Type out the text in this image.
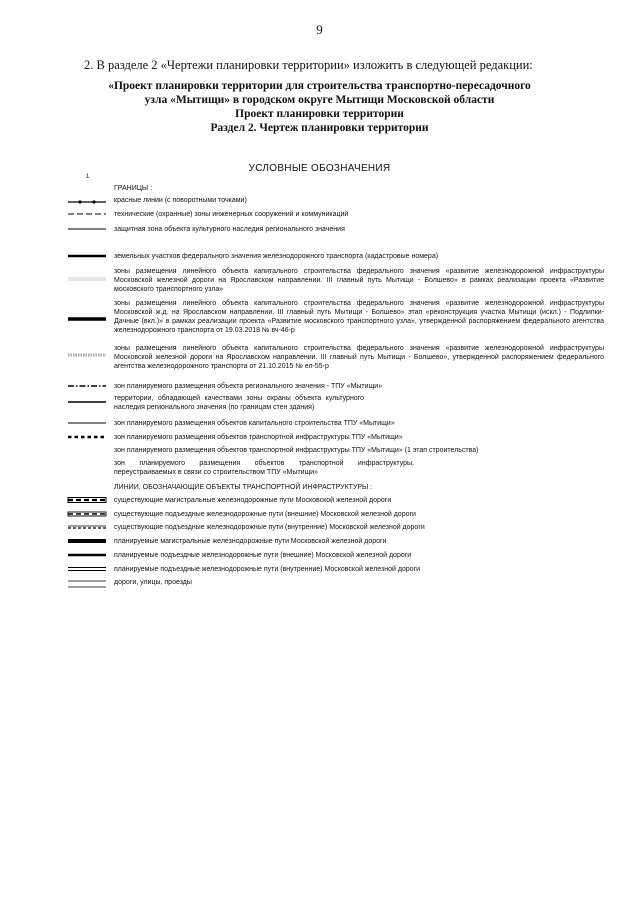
9
2. В разделе 2 «Чертежи планировки территории» изложить в следующей редакции:
«Проект планировки территории для строительства транспортно-пересадочного
узла «Мытищи» в городском округе Мытищи Московской области
Проект планировки территории
Раздел 2. Чертеж планировки территории
УСЛОВНЫЕ ОБОЗНАЧЕНИЯ
1
ГРАНИЦЫ :
красные линии (с поворотными точками)
технические (охранные) зоны инженерных сооружений и коммуникаций
защитная зона объекта культурного наследия регионального значения
земельных участков федерального значения железнодорожного транспорта (кадастровые номера)
зоны размещения линейного объекта капитального строительства федерального значения «развитие железнодорожной инфраструктуры Московской железной дороги на Ярославском направлении. III главный путь Мытищи - Болшево» в рамках реализации проекта «Развитие московского транспортного узла»
зоны размещения линейного объекта капитального строительства федерального значения «развитие железнодорожной инфраструктуры Московской ж.д. на Ярославском направлении. III главный путь Мытищи - Болшево» этап «реконструкция участка Мытищи (искл.) - Подлипки-Дачные (вкл.)» в рамках реализации проекта «Развитие московского транспортного узла», утвержденной распоряжением федерального агентства железнодорожного транспорта от 19.03.2018 № вч-46-р
зоны размещения линейного объекта капитального строительства федерального значения «развитие железнодорожной инфраструктуры Московской железной дороги на Ярославском направлении. III главный путь Мытищи - Болшево», утвержденной распоряжением федерального агентства железнодорожного транспорта от 21.10.2015 № ел-55-р
зон планируемого размещения объекта регионального значения - ТПУ «Мытищи»
территории, обладающей качествами зоны охраны объекта культурного наследия регионального значения (по границам стен здания)
зон планируемого размещения объектов капитального строительства ТПУ «Мытищи»
зон планируемого размещения объектов транспортной инфраструктуры ТПУ «Мытищи»
зон планируемого размещения объектов транспортной инфраструктуры ТПУ «Мытищи» (1 этап строительства)
зон планируемого размещения объектов транспортной инфраструктуры, переустраиваемых в связи со строительством ТПУ «Мытищи»
ЛИНИИ, ОБОЗНАЧАЮЩИЕ ОБЪЕКТЫ ТРАНСПОРТНОЙ ИНФРАСТРУКТУРЫ :
существующие магистральные железнодорожные пути Московской железной дороги
существующие подъездные железнодорожные пути (внешние) Московской железной дороги
существующие подъездные железнодорожные пути (внутренние) Московской железной дороги
планируемые магистральные железнодорожные пути Московской железной дороги
планируемые подъездные железнодорожные пути (внешние) Московской железной дороги
планируемые подъездные железнодорожные пути (внутренние) Московской железной дороги
дороги, улицы, проезды
